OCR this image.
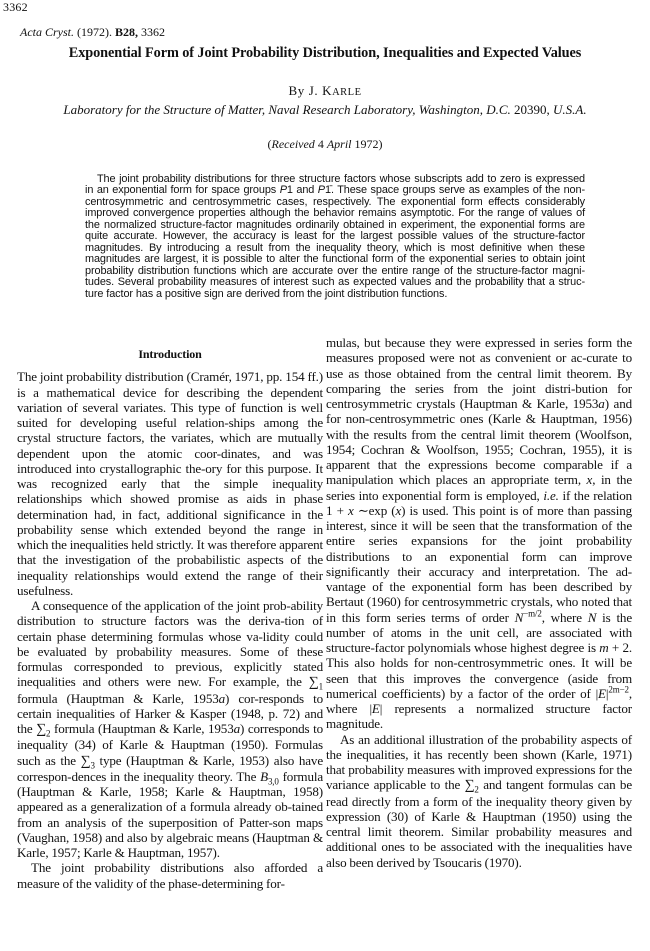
3362
Acta Cryst. (1972). B28, 3362
Exponential Form of Joint Probability Distribution, Inequalities and Expected Values
By J. KARLE
Laboratory for the Structure of Matter, Naval Research Laboratory, Washington, D.C. 20390, U.S.A.
(Received 4 April 1972)
The joint probability distributions for three structure factors whose subscripts add to zero is expressed in an exponential form for space groups P1 and P1̄. These space groups serve as examples of the non-centrosymmetric and centrosymmetric cases, respectively. The exponential form effects considerably improved convergence properties although the behavior remains asymptotic. For the range of values of the normalized structure-factor magnitudes ordinarily obtained in experiment, the exponential forms are quite accurate. However, the accuracy is least for the largest possible values of the structure-factor magnitudes. By introducing a result from the inequality theory, which is most definitive when these magnitudes are largest, it is possible to alter the functional form of the exponential series to obtain joint probability distribution functions which are accurate over the entire range of the structure-factor magni-tudes. Several probability measures of interest such as expected values and the probability that a struc-ture factor has a positive sign are derived from the joint distribution functions.
Introduction

The joint probability distribution (Cramér, 1971, pp. 154 ff.) is a mathematical device for describing the dependent variation of several variates. This type of function is well suited for developing useful relation-ships among the crystal structure factors, the variates, which are mutually dependent upon the atomic coor-dinates, and was introduced into crystallographic the-ory for this purpose. It was recognized early that the simple inequality relationships which showed promise as aids in phase determination had, in fact, additional significance in the probability sense which extended beyond the range in which the inequalities held strictly. It was therefore apparent that the investigation of the probabilistic aspects of the inequality relationships would extend the range of their usefulness.

A consequence of the application of the joint prob-ability distribution to structure factors was the deriva-tion of certain phase determining formulas whose va-lidity could be evaluated by probability measures. Some of these formulas corresponded to previous, explicitly stated inequalities and others were new. For example, the $\sum_1$ formula (Hauptman & Karle, 1953a) cor-responds to certain inequalities of Harker & Kasper (1948, p. 72) and the $\sum_2$ formula (Hauptman & Karle, 1953a) corresponds to inequality (34) of Karle & Hauptman (1950). Formulas such as the $\sum_3$ type (Hauptman & Karle, 1953) also have correspon-dences in the inequality theory. The $B_{3,0}$ formula (Hauptman & Karle, 1958; Karle & Hauptman, 1958) appeared as a generalization of a formula already ob-tained from an analysis of the superposition of Patter-son maps (Vaughan, 1958) and also by algebraic means (Hauptman & Karle, 1957; Karle & Hauptman, 1957).

The joint probability distributions also afforded a measure of the validity of the phase-determining for-

mulas, but because they were expressed in series form the measures proposed were not as convenient or ac-curate to use as those obtained from the central limit theorem. By comparing the series from the joint distri-bution for centrosymmetric crystals (Hauptman & Karle, 1953a) and for non-centrosymmetric ones (Karle & Hauptman, 1956) with the results from the central limit theorem (Woolfson, 1954; Cochran & Woolfson, 1955; Cochran, 1955), it is apparent that the expressions become comparable if a manipulation which places an appropriate term, x, in the series into exponential form is employed, i.e. if the relation 1 + x ∼exp (x) is used. This point is of more than passing interest, since it will be seen that the transformation of the entire series expansions for the joint probability distributions to an exponential form can improve significantly their accuracy and interpretation. The ad-vantage of the exponential form has been described by Bertaut (1960) for centrosymmetric crystals, who noted that in this form series terms of order $N^{-m/2}$, where N is the number of atoms in the unit cell, are associated with structure-factor polynomials whose highest degree is m + 2. This also holds for non-centrosymmetric ones. It will be seen that this improves the convergence (aside from numerical coefficients) by a factor of the order of $|E|^{2m-2}$, where |E| represents a normalized structure factor magnitude.

As an additional illustration of the probability aspects of the inequalities, it has recently been shown (Karle, 1971) that probability measures with improved expressions for the variance applicable to the $\sum_2$ and tangent formulas can be read directly from a form of the inequality theory given by expression (30) of Karle & Hauptman (1950) using the central limit theorem. Similar probability measures and additional ones to be associated with the inequalities have also been derived by Tsoucaris (1970).
